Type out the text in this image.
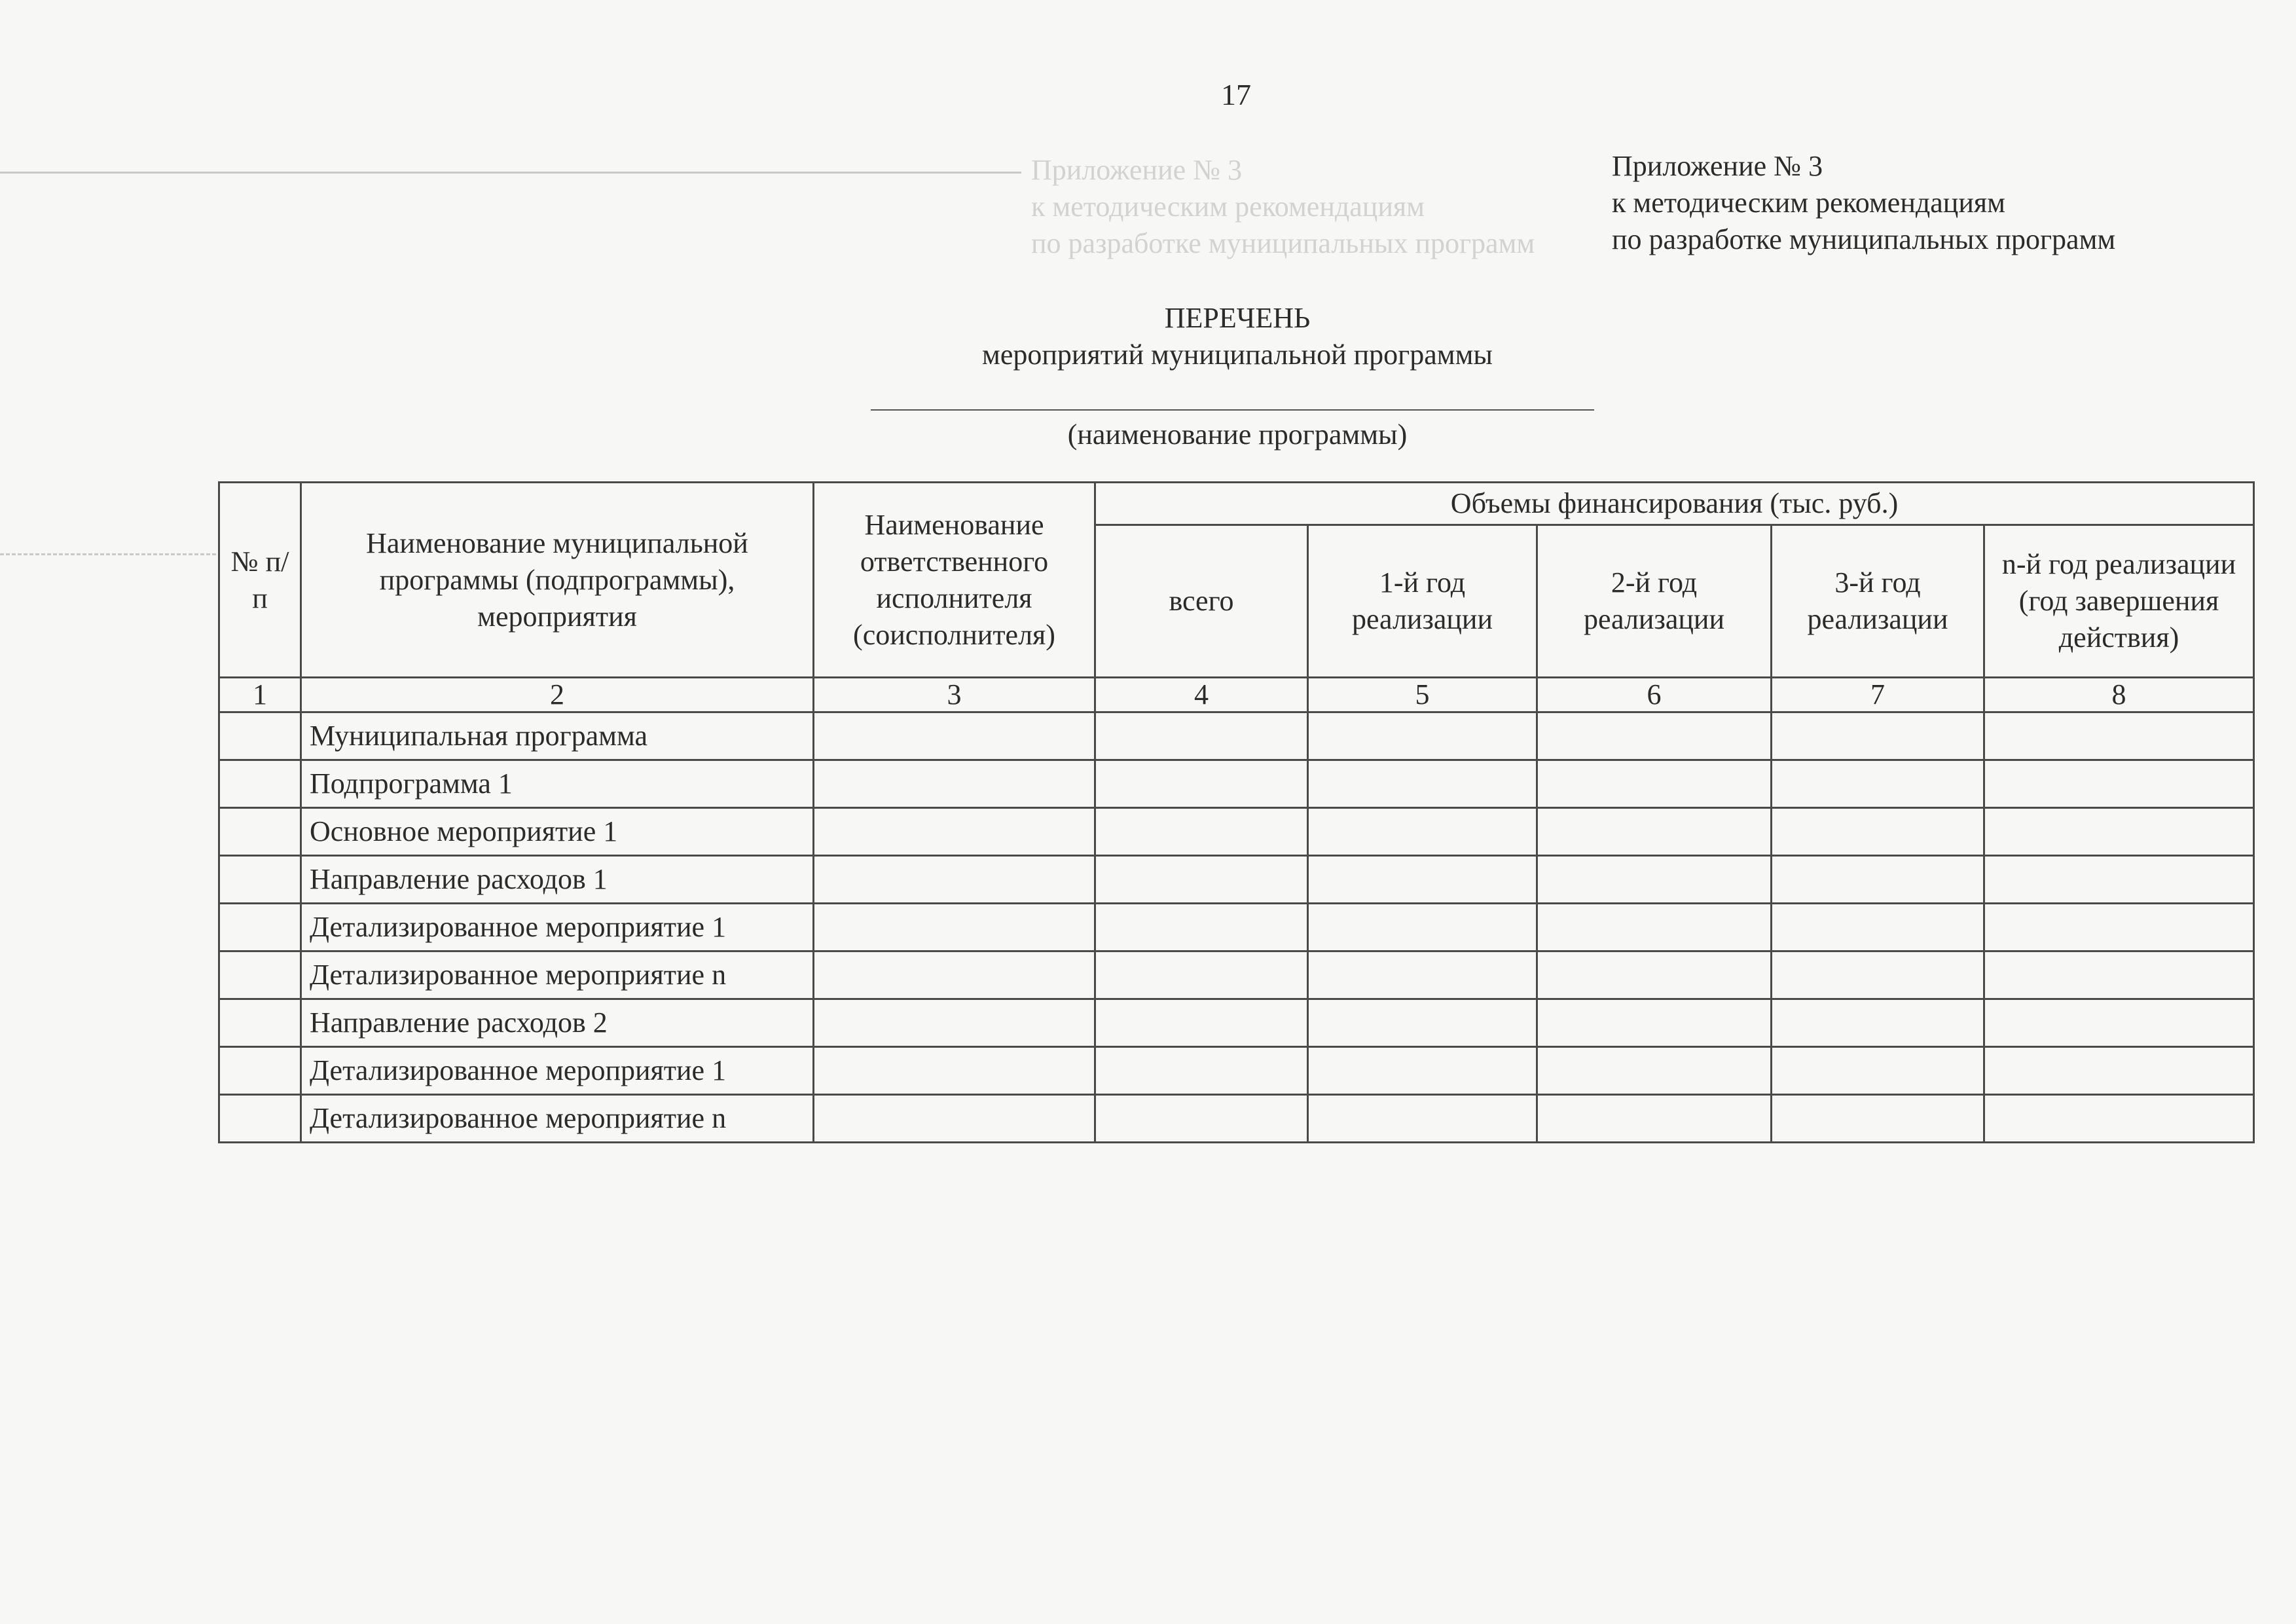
17
Приложение № 3
к методическим рекомендациям
по разработке муниципальных программ
Приложение № 3
к методическим рекомендациям
по разработке муниципальных программ
ПЕРЕЧЕНЬ
мероприятий муниципальной программы
(наименование программы)
№ п/п	Наименование муниципальной программы (подпрограммы), мероприятия	Наименование ответственного исполнителя (соисполнителя)	Объемы финансирования (тыс. руб.)				
			всего	1-й год реализации	2-й год реализации	3-й год реализации	n-й год реализации (год завершения действия)
1	2	3	4	5	6	7	8
	Муниципальная программа						
	Подпрограмма 1						
	Основное мероприятие 1						
	Направление расходов 1						
	Детализированное мероприятие 1						
	Детализированное мероприятие n						
	Направление расходов 2						
	Детализированное мероприятие 1						
	Детализированное мероприятие n						
